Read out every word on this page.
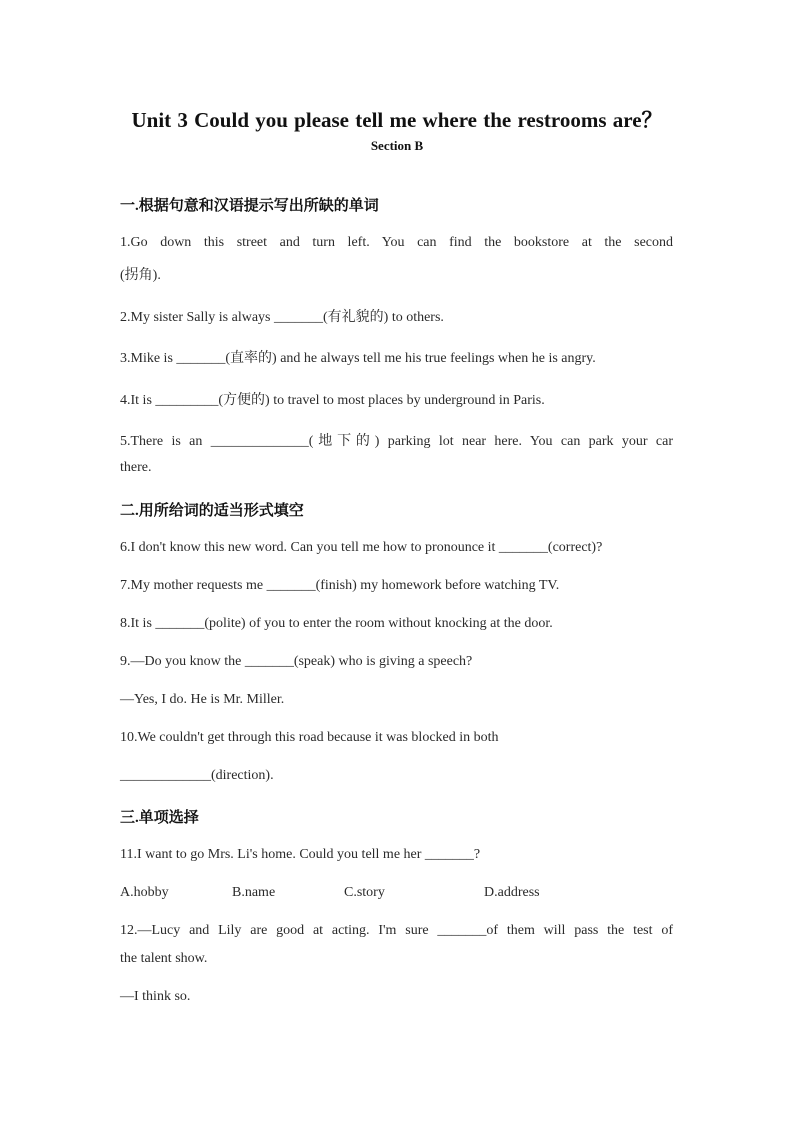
Unit 3 Could you please tell me where the restrooms are？
Section B
一.根据句意和汉语提示写出所缺的单词
1.Go down this street and turn left. You can find the bookstore at the second
(拐角).
2.My sister Sally is always _______(有礼貌的) to others.
3.Mike is _______(直率的) and he always tell me his true feelings when he is angry.
4.It is _________(方便的) to travel to most places by underground in Paris.
5.There is an ______________(地下的) parking lot near here. You can park your car
there.
二.用所给词的适当形式填空
6.I don't know this new word. Can you tell me how to pronounce it _______(correct)?
7.My mother requests me _______(finish) my homework before watching TV.
8.It is _______(polite) of you to enter the room without knocking at the door.
9.—Do you know the _______(speak) who is giving a speech?
—Yes, I do. He is Mr. Miller.
10.We couldn't get through this road because it was blocked in both
_____________(direction).
三.单项选择
11.I want to go Mrs. Li's home. Could you tell me her _______?
A.hobby	B.name	C.story	D.address
12.—Lucy and Lily are good at acting. I'm sure _______of them will pass the test of
the talent show.
—I think so.
